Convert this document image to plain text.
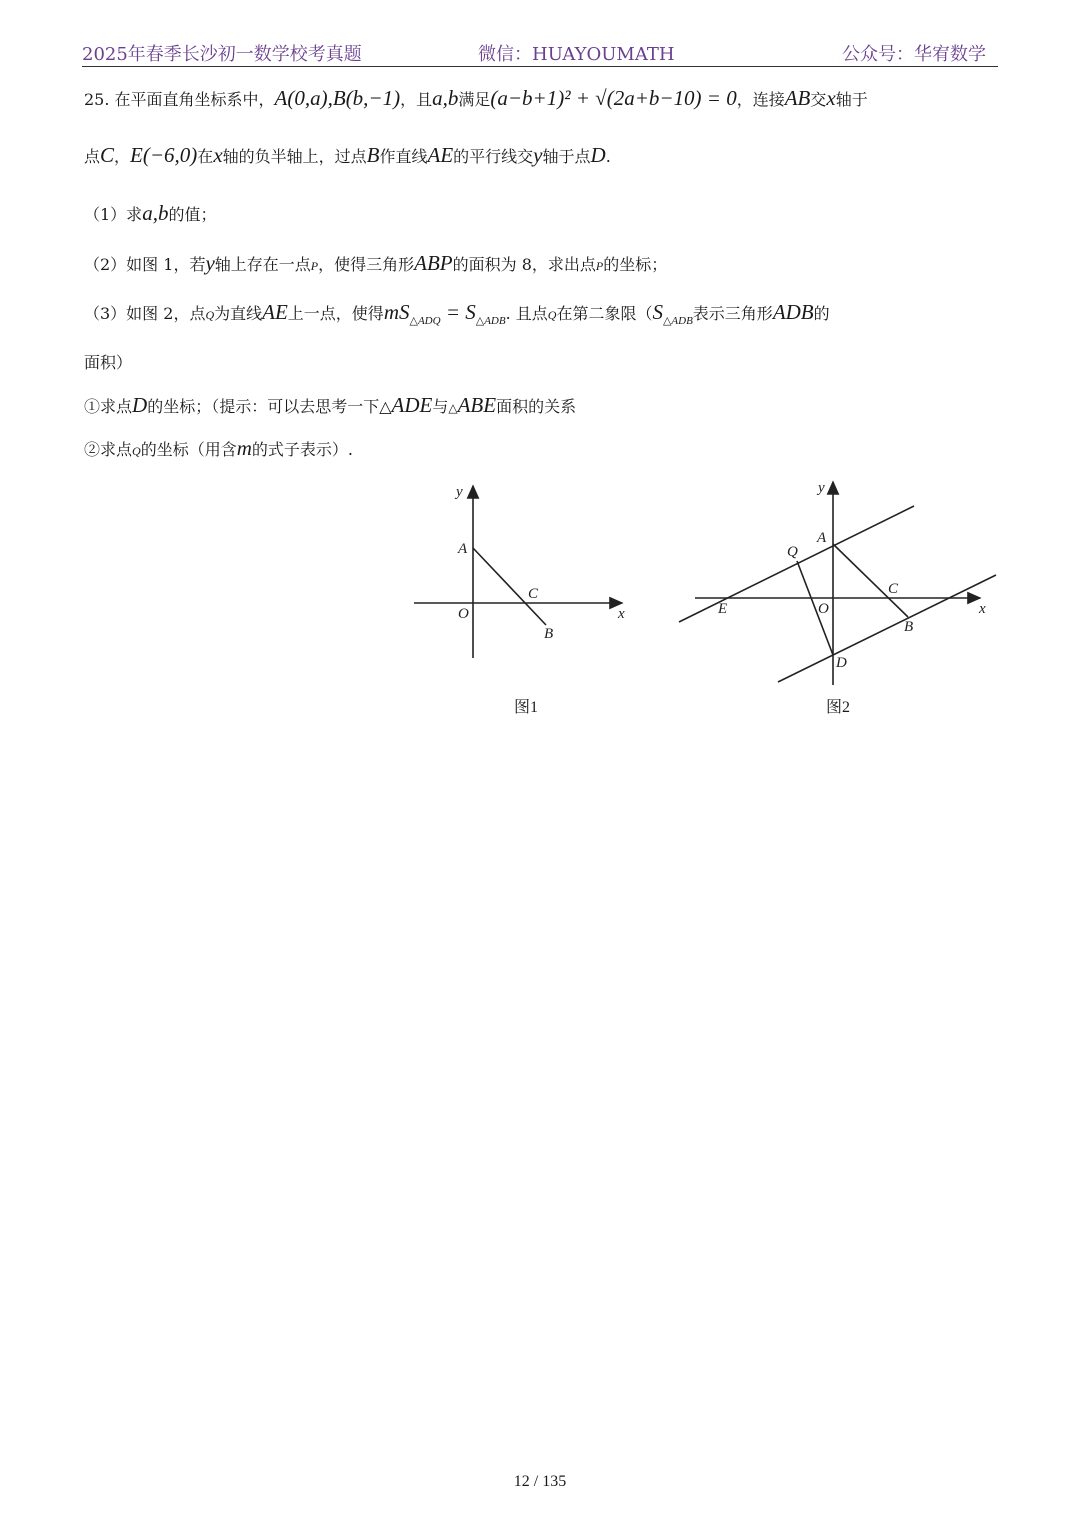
2025年春季长沙初一数学校考真题	微信：HUAYOUMATH	公众号：华宥数学
25. 在平面直角坐标系中，A(0,a),B(b,−1)，且a,b满足(a−b+1)² + √(2a+b−10) = 0，连接AB交x轴于
点C，E(−6,0)在x轴的负半轴上，过点B作直线AE的平行线交y轴于点D.
（1）求a,b的值；
（2）如图 1，若y轴上存在一点P，使得三角形ABP的面积为 8，求出点P的坐标；
（3）如图 2，点Q为直线AE上一点，使得$mS_{\triangle ADQ} = S_{\triangle ADB}$. 且点Q在第二象限（$S_{\triangle ADB}$表示三角形ADB的
面积）
①求点D的坐标；（提示：可以去思考一下△ADE与△ABE面积的关系
②求点Q的坐标（用含m的式子表示）.
y
A
O
C
B
x
图1
y
A
Q
C
E	O
B
D
x
图2
12 / 135
